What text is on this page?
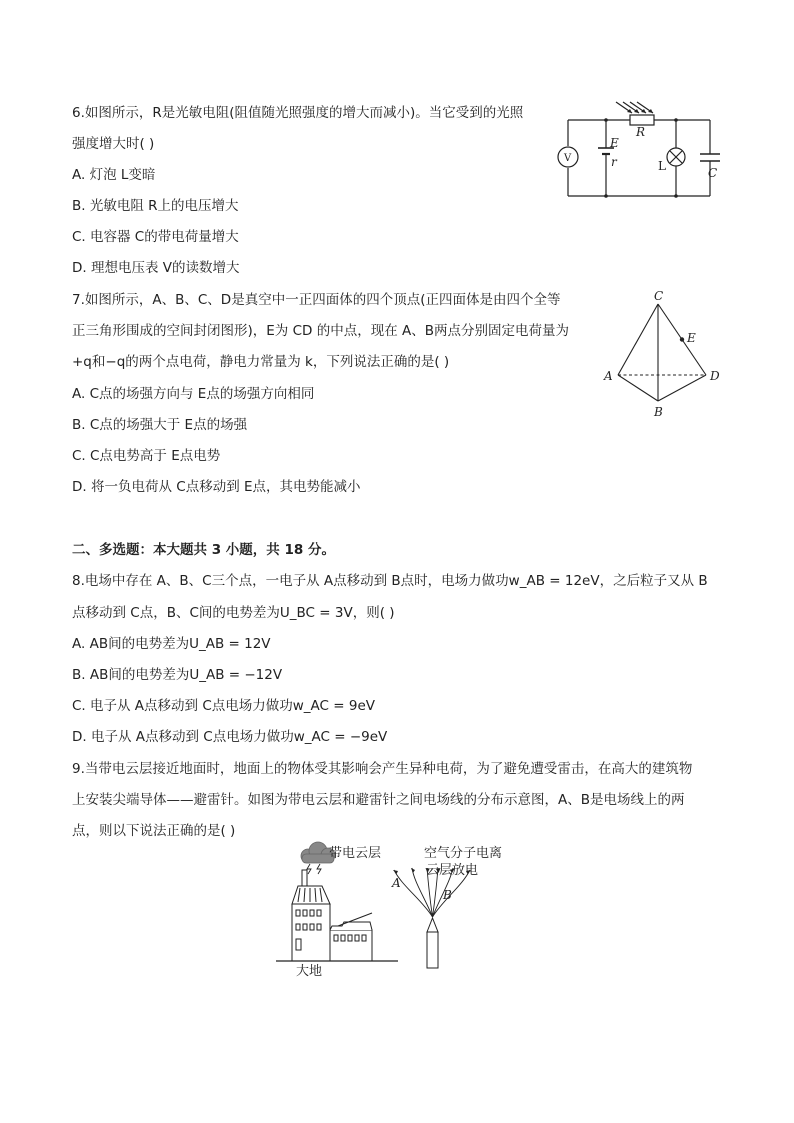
6.如图所示，R是光敏电阻(阻值随光照强度的增大而减小)。当它受到的光照
强度增大时( )
A. 灯泡 L变暗
B. 光敏电阻 R上的电压增大
C. 电容器 C的带电荷量增大
D. 理想电压表 V的读数增大
V
E
r
R
L	C
7.如图所示，A、B、C、D是真空中一正四面体的四个顶点(正四面体是由四个全等
正三角形围成的空间封闭图形)，E为 CD 的中点，现在 A、B两点分别固定电荷量为
+q和−q的两个点电荷，静电力常量为 k，下列说法正确的是( )
A. C点的场强方向与 E点的场强方向相同
B. C点的场强大于 E点的场强
C. C点电势高于 E点电势
D. 将一负电荷从 C点移动到 E点，其电势能减小
C
E
A	D
B
二、多选题：本大题共 3 小题，共 18 分。
8.电场中存在 A、B、C三个点，一电子从 A点移动到 B点时，电场力做功w_AB = 12eV，之后粒子又从 B
点移动到 C点，B、C间的电势差为U_BC = 3V，则( )
A. AB间的电势差为U_AB = 12V
B. AB间的电势差为U_AB = −12V
C. 电子从 A点移动到 C点电场力做功w_AC = 9eV
D. 电子从 A点移动到 C点电场力做功w_AC = −9eV
9.当带电云层接近地面时，地面上的物体受其影响会产生异种电荷，为了避免遭受雷击，在高大的建筑物
上安装尖端导体——避雷针。如图为带电云层和避雷针之间电场线的分布示意图，A、B是电场线上的两
点，则以下说法正确的是( )
带电云层	空气分子电离
云层放电
大地
A
B
